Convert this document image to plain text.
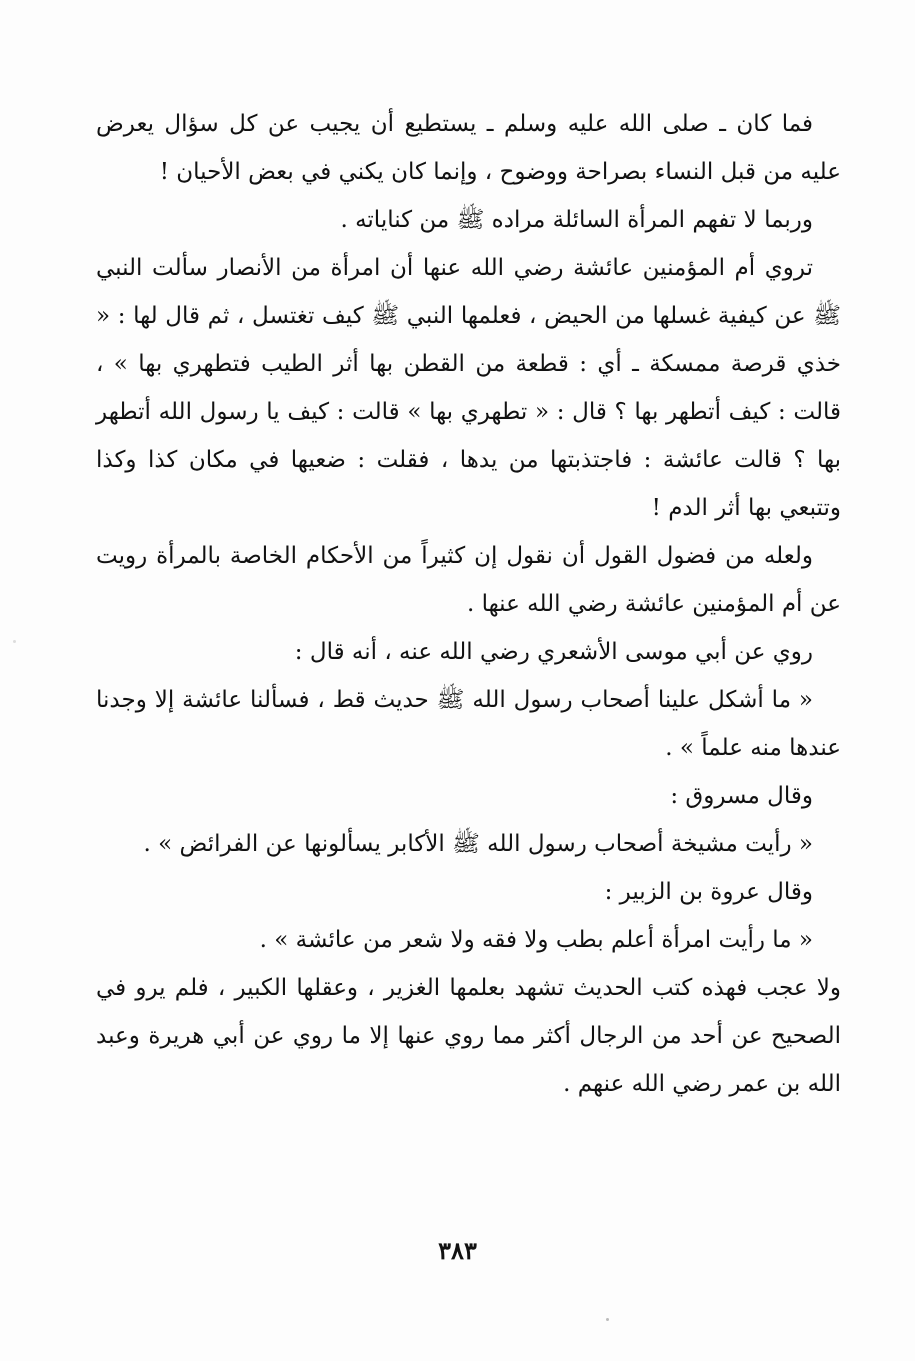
فما كان ـ صلى الله عليه وسلم ـ يستطيع أن يجيب عن كل سؤال يعرض عليه من قبل النساء بصراحة ووضوح ، وإنما كان يكني في بعض الأحيان !

وربما لا تفهم المرأة السائلة مراده ﷺ من كناياته .

تروي أم المؤمنين عائشة رضي الله عنها أن امرأة من الأنصار سألت النبي ﷺ عن كيفية غسلها من الحيض ، فعلمها النبي ﷺ كيف تغتسل ، ثم قال لها : « خذي قرصة ممسكة ـ أي : قطعة من القطن بها أثر الطيب فتطهري بها » ، قالت : كيف أتطهر بها ؟ قال : « تطهري بها » قالت : كيف يا رسول الله أتطهر بها ؟ قالت عائشة : فاجتذبتها من يدها ، فقلت : ضعيها في مكان كذا وكذا وتتبعي بها أثر الدم !

ولعله من فضول القول أن نقول إن كثيراً من الأحكام الخاصة بالمرأة رويت عن أم المؤمنين عائشة رضي الله عنها .

روي عن أبي موسى الأشعري رضي الله عنه ، أنه قال :

« ما أشكل علينا أصحاب رسول الله ﷺ حديث قط ، فسألنا عائشة إلا وجدنا عندها منه علماً » .

وقال مسروق :

« رأيت مشيخة أصحاب رسول الله ﷺ الأكابر يسألونها عن الفرائض » .

وقال عروة بن الزبير :

« ما رأيت امرأة أعلم بطب ولا فقه ولا شعر من عائشة » .

ولا عجب فهذه كتب الحديث تشهد بعلمها الغزير ، وعقلها الكبير ، فلم يرو في الصحيح عن أحد من الرجال أكثر مما روي عنها إلا ما روي عن أبي هريرة وعبد الله بن عمر رضي الله عنهم .

٣٨٣
